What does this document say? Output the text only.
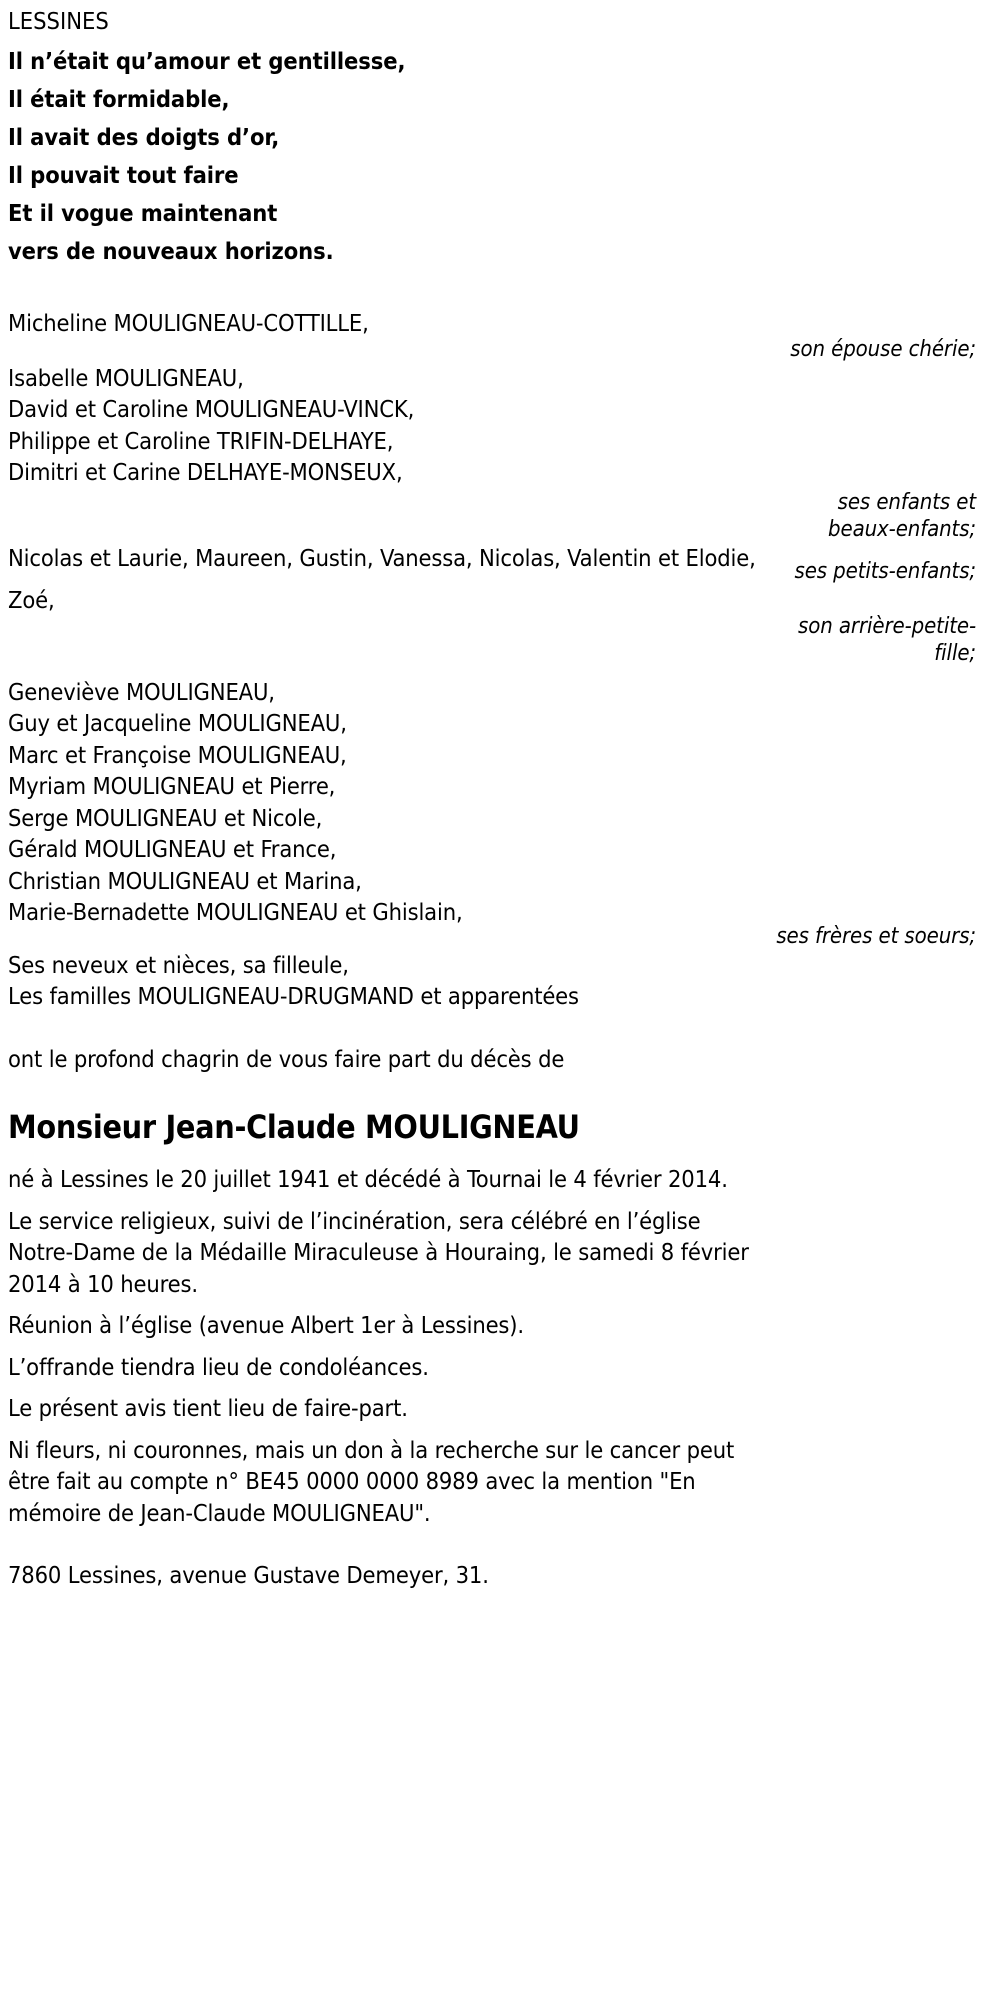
LESSINES
Il n’était qu’amour et gentillesse,
Il était formidable,
Il avait des doigts d’or,
Il pouvait tout faire
Et il vogue maintenant
vers de nouveaux horizons.
Micheline MOULIGNEAU-COTTILLE,
son épouse chérie;
Isabelle MOULIGNEAU,
David et Caroline MOULIGNEAU-VINCK,
Philippe et Caroline TRIFIN-DELHAYE,
Dimitri et Carine DELHAYE-MONSEUX,
ses enfants et
beaux-enfants;
Nicolas et Laurie, Maureen, Gustin, Vanessa, Nicolas, Valentin et Elodie,	ses petits-enfants;
Zoé,
son arrière-petite-
fille;
Geneviève MOULIGNEAU,
Guy et Jacqueline MOULIGNEAU,
Marc et Françoise MOULIGNEAU,
Myriam MOULIGNEAU et Pierre,
Serge MOULIGNEAU et Nicole,
Gérald MOULIGNEAU et France,
Christian MOULIGNEAU et Marina,
Marie-Bernadette MOULIGNEAU et Ghislain,
ses frères et soeurs;
Ses neveux et nièces, sa filleule,
Les familles MOULIGNEAU-DRUGMAND et apparentées
ont le profond chagrin de vous faire part du décès de
Monsieur Jean-Claude MOULIGNEAU
né à Lessines le 20 juillet 1941 et décédé à Tournai le 4 février 2014.
Le service religieux, suivi de l’incinération, sera célébré en l’église
Notre-Dame de la Médaille Miraculeuse à Houraing, le samedi 8 février
2014 à 10 heures.
Réunion à l’église (avenue Albert 1er à Lessines).
L’offrande tiendra lieu de condoléances.
Le présent avis tient lieu de faire-part.
Ni fleurs, ni couronnes, mais un don à la recherche sur le cancer peut
être fait au compte n° BE45 0000 0000 8989 avec la mention "En
mémoire de Jean-Claude MOULIGNEAU".
7860 Lessines, avenue Gustave Demeyer, 31.
